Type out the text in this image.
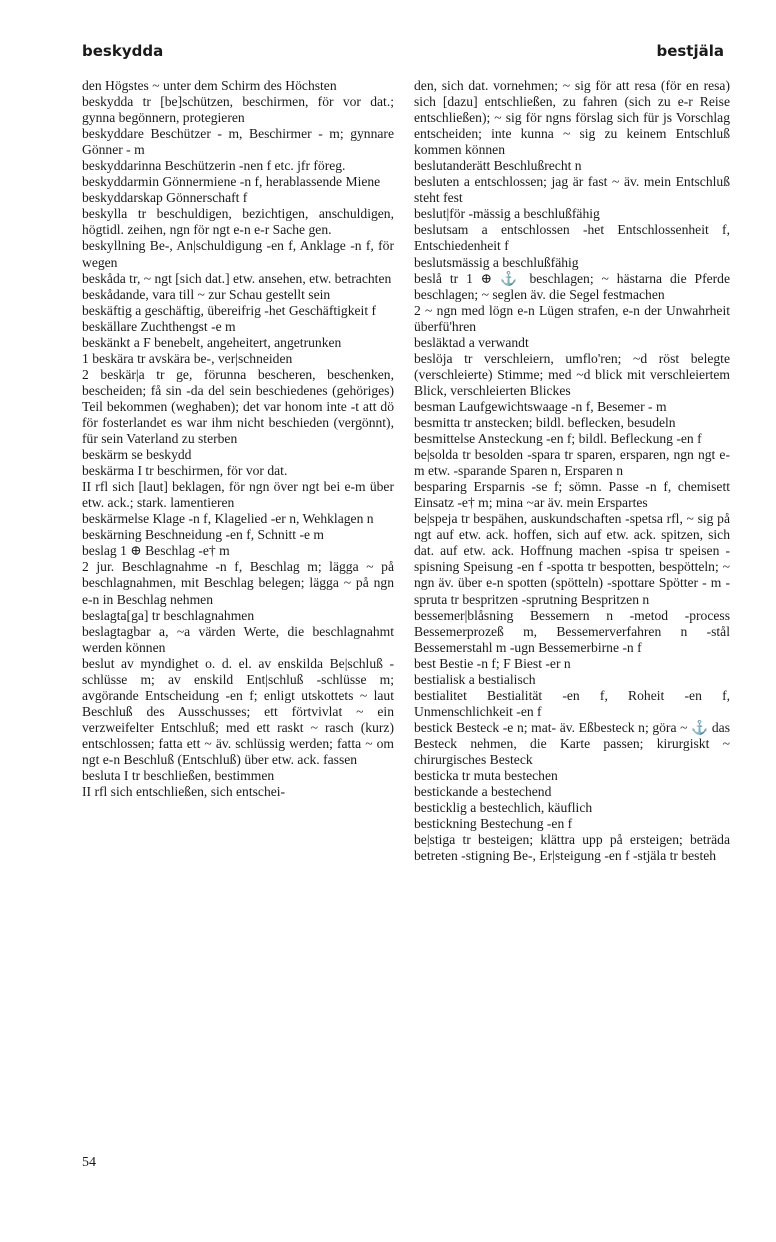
beskydda	bestjäla

den Högstes ~ unter dem Schirm des Höchsten

beskydda tr [be]schützen, beschirmen, för vor dat.; gynna begönnern, protegieren

beskyddare Beschützer - m, Beschirmer - m; gynnare Gönner - m

beskyddarinna Beschützerin -nen f etc. jfr föreg.

beskyddarmin Gönnermiene -n f, herablassende Miene

beskyddarskap Gönnerschaft f

beskylla tr beschuldigen, bezichtigen, anschuldigen, högtidl. zeihen, ngn för ngt e-n e-r Sache gen.

beskyllning Be-, An|schuldigung -en f, Anklage -n f, för wegen

beskåda tr, ~ ngt [sich dat.] etw. ansehen, etw. betrachten

beskådande, vara till ~ zur Schau gestellt sein

beskäftig a geschäftig, übereifrig -het Geschäftigkeit f

beskällare Zuchthengst -e m

beskänkt a F benebelt, angeheitert, angetrunken

1 beskära tr avskära be-, ver|schneiden

2 beskär|a tr ge, förunna bescheren, beschenken, bescheiden; få sin -da del sein beschiedenes (gehöriges) Teil bekommen (weghaben); det var honom inte -t att dö för fosterlandet es war ihm nicht beschieden (vergönnt), für sein Vaterland zu sterben

beskärm se beskydd

beskärma I tr beschirmen, för vor dat.

II rfl sich [laut] beklagen, för ngn över ngt bei e-m über etw. ack.; stark. lamentieren

beskärmelse Klage -n f, Klagelied -er n, Wehklagen n

beskärning Beschneidung -en f, Schnitt -e m

beslag 1 ⊕ Beschlag -e† m

2 jur. Beschlagnahme -n f, Beschlag m; lägga ~ på beschlagnahmen, mit Beschlag belegen; lägga ~ på ngn e-n in Beschlag nehmen

beslagta[ga] tr beschlagnahmen

beslagtagbar a, ~a värden Werte, die beschlagnahmt werden können

beslut av myndighet o. d. el. av enskilda Be|schluß -schlüsse m; av enskild Ent|schluß -schlüsse m; avgörande Entscheidung -en f; enligt utskottets ~ laut Beschluß des Ausschusses; ett förtvivlat ~ ein verzweifelter Entschluß; med ett raskt ~ rasch (kurz) entschlossen; fatta ett ~ äv. schlüssig werden; fatta ~ om ngt e-n Beschluß (Entschluß) über etw. ack. fassen

besluta I tr beschließen, bestimmen

II rfl sich entschließen, sich entschei-

den, sich dat. vornehmen; ~ sig för att resa (för en resa) sich [dazu] entschließen, zu fahren (sich zu e-r Reise entschließen); ~ sig för ngns förslag sich für js Vorschlag entscheiden; inte kunna ~ sig zu keinem Entschluß kommen können

beslutanderätt Beschlußrecht n

besluten a entschlossen; jag är fast ~ äv. mein Entschluß steht fest

beslut|för -mässig a beschlußfähig

beslutsam a entschlossen -het Entschlossenheit f, Entschiedenheit f

beslutsmässig a beschlußfähig

beslå tr 1 ⊕ ⚓ beschlagen; ~ hästarna die Pferde beschlagen; ~ seglen äv. die Segel festmachen

2 ~ ngn med lögn e-n Lügen strafen, e-n der Unwahrheit überfü'hren

besläktad a verwandt

beslöja tr verschleiern, umflo'ren; ~d röst belegte (verschleierte) Stimme; med ~d blick mit verschleiertem Blick, verschleierten Blickes

besman Laufgewichtswaage -n f, Besemer - m

besmitta tr anstecken; bildl. beflecken, besudeln

besmittelse Ansteckung -en f; bildl. Befleckung -en f

be|solda tr besolden -spara tr sparen, ersparen, ngn ngt e-m etw. -sparande Sparen n, Ersparen n

besparing Ersparnis -se f; sömn. Passe -n f, chemisett Einsatz -e† m; mina ~ar äv. mein Erspartes

be|speja tr bespähen, auskundschaften -spetsa rfl, ~ sig på ngt auf etw. ack. hoffen, sich auf etw. ack. spitzen, sich dat. auf etw. ack. Hoffnung machen -spisa tr speisen -spisning Speisung -en f -spotta tr bespotten, bespötteln; ~ ngn äv. über e-n spotten (spötteln) -spottare Spötter - m -spruta tr bespritzen -sprutning Bespritzen n

bessemer|blåsning Bessemern n -metod -process Bessemerprozeß m, Bessemerverfahren n -stål Bessemerstahl m -ugn Bessemerbirne -n f

best Bestie -n f; F Biest -er n

bestialisk a bestialisch

bestialitet Bestialität -en f, Roheit -en f, Unmenschlichkeit -en f

bestick Besteck -e n; mat- äv. Eßbesteck n; göra ~ ⚓ das Besteck nehmen, die Karte passen; kirurgiskt ~ chirurgisches Besteck

besticka tr muta bestechen

bestickande a bestechend

besticklig a bestechlich, käuflich

bestickning Bestechung -en f

be|stiga tr besteigen; klättra upp på ersteigen; beträda betreten -stigning Be-, Er|steigung -en f -stjäla tr besteh

54
